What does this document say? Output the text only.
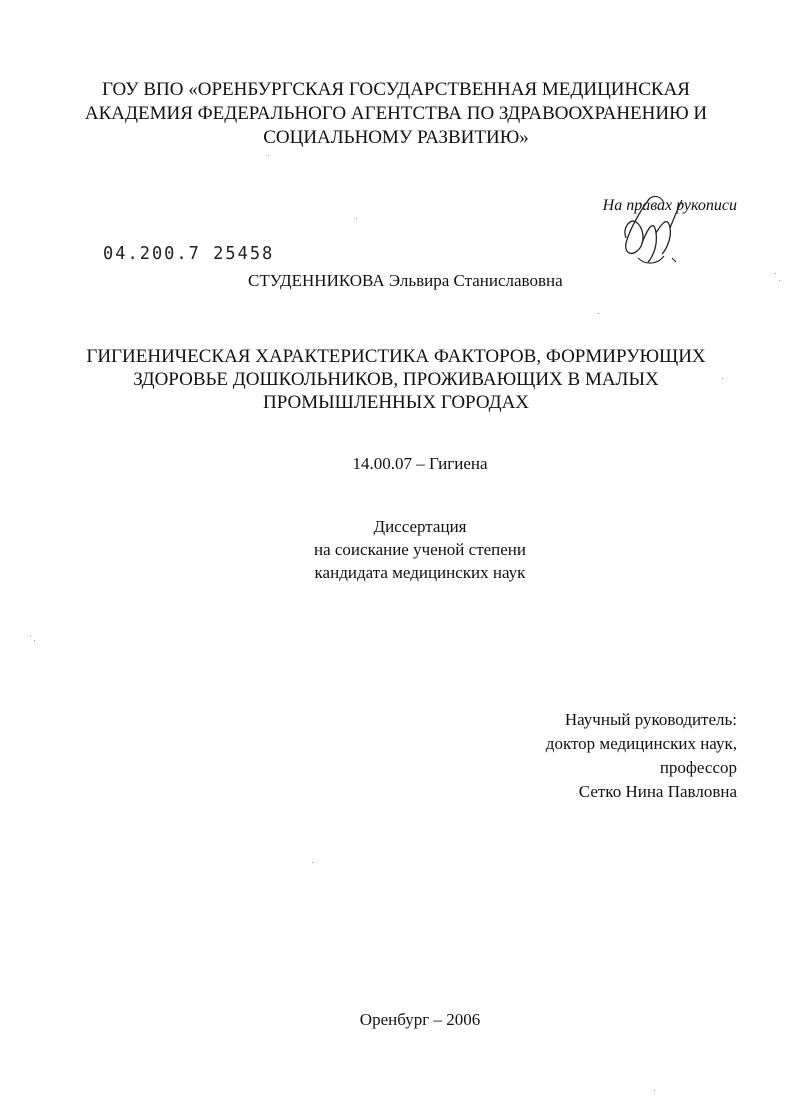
ГОУ ВПО «ОРЕНБУРГСКАЯ ГОСУДАРСТВЕННАЯ МЕДИЦИНСКАЯ
АКАДЕМИЯ ФЕДЕРАЛЬНОГО АГЕНТСТВА ПО ЗДРАВООХРАНЕНИЮ И
СОЦИАЛЬНОМУ РАЗВИТИЮ»
На правах рукописи
04.200.7 25458
СТУДЕННИКОВА Эльвира Станиславовна
ГИГИЕНИЧЕСКАЯ ХАРАКТЕРИСТИКА ФАКТОРОВ, ФОРМИРУЮЩИХ
ЗДОРОВЬЕ ДОШКОЛЬНИКОВ, ПРОЖИВАЮЩИХ В МАЛЫХ
ПРОМЫШЛЕННЫХ ГОРОДАХ
14.00.07 – Гигиена
Диссертация
на соискание ученой степени
кандидата медицинских наук
Научный руководитель:
доктор медицинских наук,
профессор
Сетко Нина Павловна
Оренбург – 2006
